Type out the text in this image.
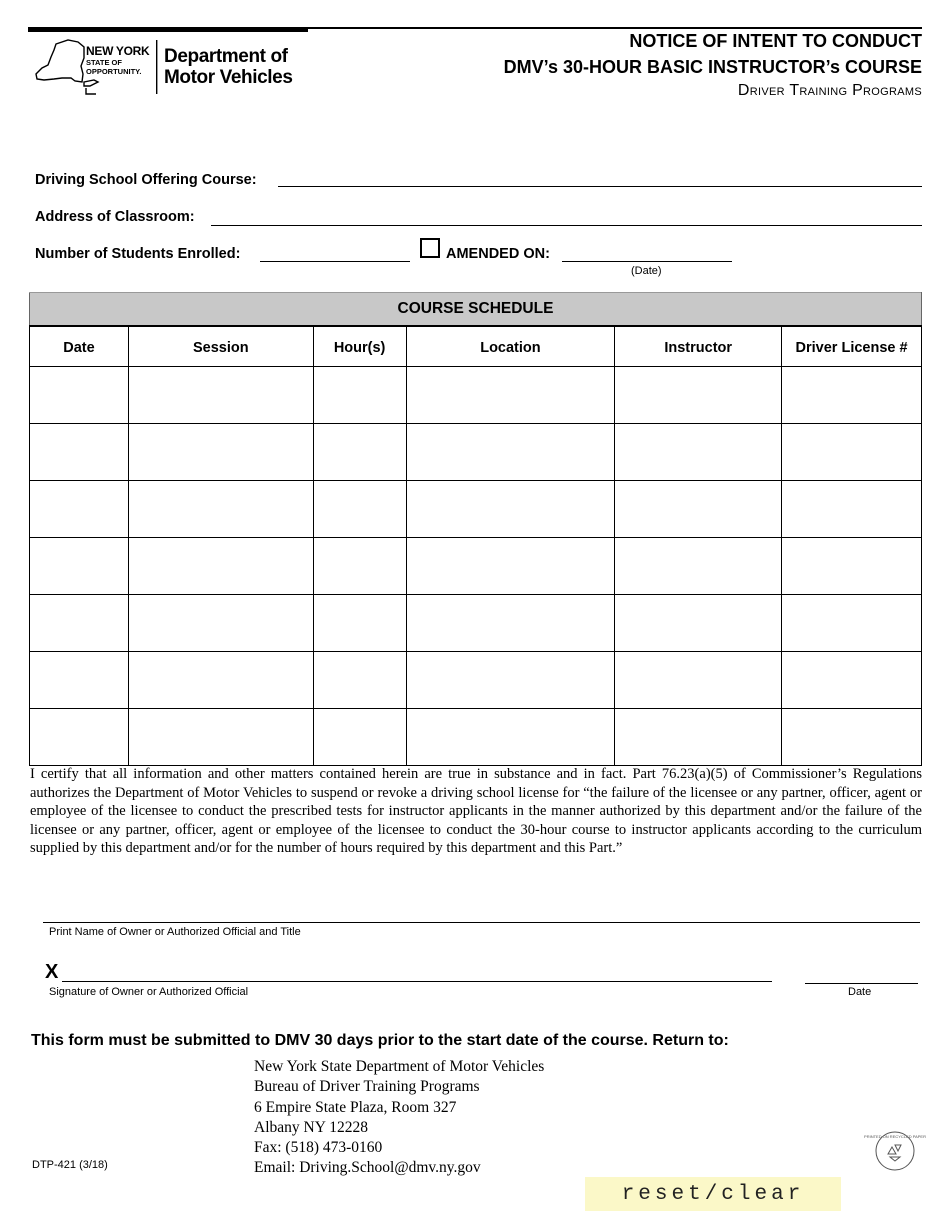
NEW YORK
STATE OF
OPPORTUNITY.
Department of
Motor Vehicles
NOTICE OF INTENT TO CONDUCT
DMV’s 30-HOUR BASIC INSTRUCTOR’s COURSE
Driver Training Programs
Driving School Offering Course:
Address of Classroom:
Number of Students Enrolled:	AMENDED ON:
(Date)
COURSE SCHEDULE					
Date	Session	Hour(s)	Location	Instructor	Driver License #

I certify that all information and other matters contained herein are true in substance and in fact. Part 76.23(a)(5) of Commissioner’s Regulations authorizes the Department of Motor Vehicles to suspend or revoke a driving school license for “the failure of the licensee or any partner, officer, agent or employee of the licensee to conduct the prescribed tests for instructor applicants in the manner authorized by this department and/or the failure of the licensee or any partner, officer, agent or employee of the licensee to conduct the 30-hour course to instructor applicants according to the curriculum supplied by this department and/or for the number of hours required by this department and this Part.”
Print Name of Owner or Authorized Official and Title
X
Signature of Owner or Authorized Official	Date
This form must be submitted to DMV 30 days prior to the start date of the course. Return to:
New York State Department of Motor Vehicles
Bureau of Driver Training Programs
6 Empire State Plaza, Room 327
Albany NY 12228
Fax: (518) 473-0160
Email: Driving.School@dmv.ny.gov
DTP-421 (3/18)
PRINTED ON RECYCLED PAPER
reset/clear
